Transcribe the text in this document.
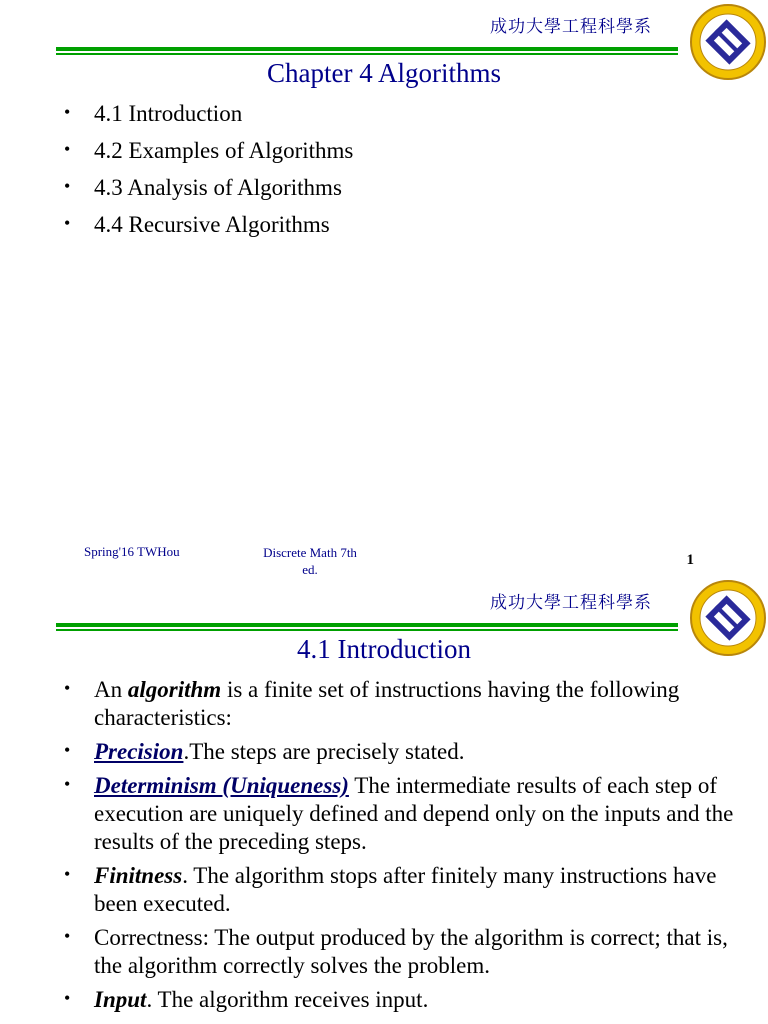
成功大學工程科學系
Chapter 4 Algorithms
• 4.1 Introduction
• 4.2 Examples of Algorithms
• 4.3 Analysis of Algorithms
• 4.4 Recursive Algorithms
Spring'16 TWHou	Discrete Math 7th
ed.
1
成功大學工程科學系
4.1 Introduction
• An algorithm is a finite set of instructions having the following characteristics:
• Precision.The steps are precisely stated.
• Determinism (Uniqueness) The intermediate results of each step of execution are uniquely defined and depend only on the inputs and the results of the preceding steps.
• Finitness. The algorithm stops after finitely many instructions have been executed.
• Correctness: The output produced by the algorithm is correct; that is, the algorithm correctly solves the problem.
• Input. The algorithm receives input.
